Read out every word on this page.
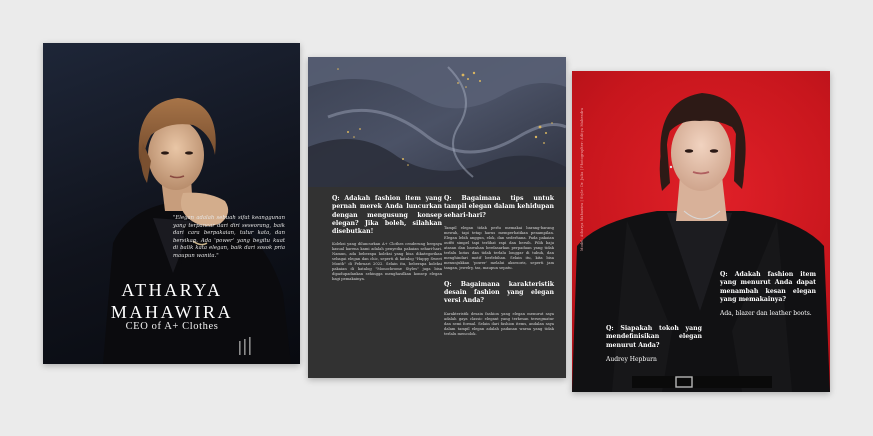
"Elegan adalah sebuah sifat keanggunan yang terpancar dari diri seseorang, baik dari cara berpakaian, tutur kata, dan bersikap. Ada 'power' yang begitu kuat di balik kata elegan, baik dari sosok pria maupun wanita."
ATHARYA
MAHAWIRA
CEO of A+ Clothes
Q: Adakah fashion item yang pernah merek Anda luncurkan dengan mengusung konsep elegan? Jika boleh, silahkan disebutkan!

Koleksi yang diluncurkan A+ Clothes cenderung bergaya kasual karena kami adalah penyedia pakaian sehari-hari. Namun, ada beberapa koleksi yang bisa dikategorikan sebagai elegan dan chic, seperti di katalog "Happy Sweet Month" di Februari 2022. Selain itu, beberapa koleksi pakaian di katalog "Monochrome Styles" juga bisa dipadupadankan sehingga menghasilkan konsep elegan bagi pemakainya.

Q: Bagaimana tips untuk tampil elegan dalam kehidupan sehari-hari?

Tampil elegan tidak perlu memakai barang-barang mewah, tapi tetap harus memperhatikan penampilan. Elegan lebih anggun, elok, dan sederhana. Pada pakaian outfit simpel tapi terlihat rapi dan bersih. Pilih baju atasan dan bawahan berdasarkan perpaduan yang tidak terlalu kotas dan tidak terlalu longgar di tubuh, dan menghindari motif berlebihan. Selain itu, kita bisa menunjukkan 'power' melalui aksesoris, seperti jam tangan, jewelry, tas, maupun sepatu.

Q: Bagaimana karakteristik desain fashion yang elegan versi Anda?

Karakteristik desain fashion yang elegan menurut saya adalah gaya classic elegant yang terkesan tersegmatur dan semi formal. Selain dari fashion items, andalan saya dalam tampil elegan adalah padanan warna yang tidak terlalu mencolok.

Model: Atharya Mahawira | Style: Dr. Julia | Photographer: Aditya Mahendra

Q: Adakah fashion item yang menurut Anda dapat menambah kesan elegan yang memakainya?

Ada, blazer dan leather boots.

Q: Siapakah tokoh yang mendefinisikan elegan menurut Anda?

Audrey Hepburn
